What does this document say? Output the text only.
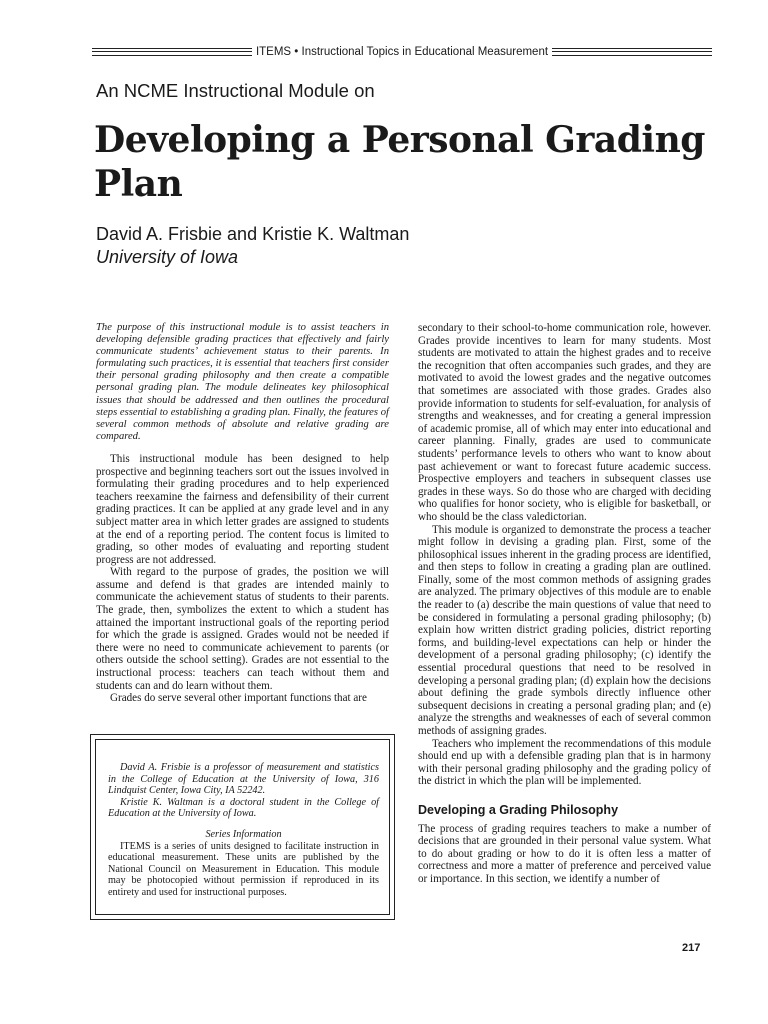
ITEMS • Instructional Topics in Educational Measurement
An NCME Instructional Module on
Developing a Personal Grading Plan
David A. Frisbie and Kristie K. Waltman
University of Iowa

The purpose of this instructional module is to assist teachers in developing defensible grading practices that effectively and fairly communicate students’ achievement status to their parents. In formulating such practices, it is essential that teachers first consider their personal grading philosophy and then create a compatible personal grading plan. The module delineates key philosophical issues that should be addressed and then outlines the procedural steps essential to establishing a grading plan. Finally, the features of several common methods of absolute and relative grading are compared.

This instructional module has been designed to help prospective and beginning teachers sort out the issues involved in formulating their grading procedures and to help experienced teachers reexamine the fairness and defensibility of their current grading practices. It can be applied at any grade level and in any subject matter area in which letter grades are assigned to students at the end of a reporting period. The content focus is limited to grading, so other modes of evaluating and reporting student progress are not addressed.

With regard to the purpose of grades, the position we will assume and defend is that grades are intended mainly to communicate the achievement status of students to their parents. The grade, then, symbolizes the extent to which a student has attained the important instructional goals of the reporting period for which the grade is assigned. Grades would not be needed if there were no need to communicate achievement to parents (or others outside the school setting). Grades are not essential to the instructional process: teachers can teach without them and students can and do learn without them.

Grades do serve several other important functions that are

David A. Frisbie is a professor of measurement and statistics in the College of Education at the University of Iowa, 316 Lindquist Center, Iowa City, IA 52242.

Kristie K. Waltman is a doctoral student in the College of Education at the University of Iowa.

Series Information

ITEMS is a series of units designed to facilitate instruction in educational measurement. These units are published by the National Council on Measurement in Education. This module may be photocopied without permission if reproduced in its entirety and used for instructional purposes.

secondary to their school-to-home communication role, however. Grades provide incentives to learn for many students. Most students are motivated to attain the highest grades and to receive the recognition that often accompanies such grades, and they are motivated to avoid the lowest grades and the negative outcomes that sometimes are associated with those grades. Grades also provide information to students for self-evaluation, for analysis of strengths and weaknesses, and for creating a general impression of academic promise, all of which may enter into educational and career planning. Finally, grades are used to communicate students’ performance levels to others who want to know about past achievement or want to forecast future academic success. Prospective employers and teachers in subsequent classes use grades in these ways. So do those who are charged with deciding who qualifies for honor society, who is eligible for basketball, or who should be the class valedictorian.

This module is organized to demonstrate the process a teacher might follow in devising a grading plan. First, some of the philosophical issues inherent in the grading process are identified, and then steps to follow in creating a grading plan are outlined. Finally, some of the most common methods of assigning grades are analyzed. The primary objectives of this module are to enable the reader to (a) describe the main questions of value that need to be considered in formulating a personal grading philosophy; (b) explain how written district grading policies, district reporting forms, and building-level expectations can help or hinder the development of a personal grading philosophy; (c) identify the essential procedural questions that need to be resolved in developing a personal grading plan; (d) explain how the decisions about defining the grade symbols directly influence other subsequent decisions in creating a personal grading plan; and (e) analyze the strengths and weaknesses of each of several common methods of assigning grades.

Teachers who implement the recommendations of this module should end up with a defensible grading plan that is in harmony with their personal grading philosophy and the grading policy of the district in which the plan will be implemented.

Developing a Grading Philosophy

The process of grading requires teachers to make a number of decisions that are grounded in their personal value system. What to do about grading or how to do it is often less a matter of correctness and more a matter of preference and perceived value or importance. In this section, we identify a number of

217
